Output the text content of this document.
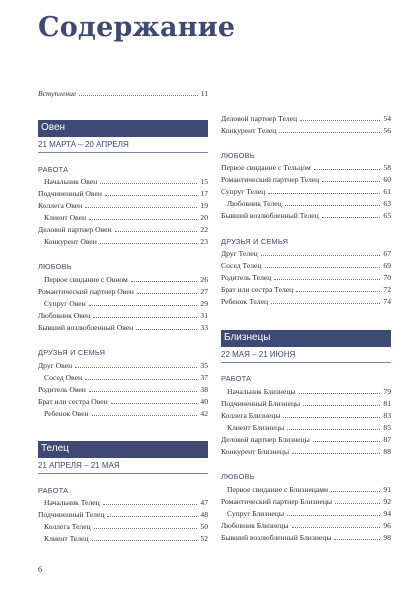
Содержание
Вступление	11
Овен
21 МАРТА – 20 АПРЕЛЯ
РАБОТА
Начальник Овен	15
Подчиненный Овен	17
Коллега Овен	19
Клиент Овен	20
Деловой партнер Овен	22
Конкурент Овен	23
ЛЮБОВЬ
Первое свидание с Овном	26
Романтический партнер Овен	27
Супруг Овен	29
Любовник Овен	31
Бывший возлюбленный Овен	33
ДРУЗЬЯ И СЕМЬЯ
Друг Овен	35
Сосед Овен	37
Родитель Овен	38
Брат или сестра Овен	40
Ребенок Овен	42
Телец
21 АПРЕЛЯ – 21 МАЯ
РАБОТА
Начальник Телец	47
Подчиненный Телец	48
Коллега Телец	50
Клиент Телец	52
Деловой партнер Телец	54
Конкурент Телец	56
ЛЮБОВЬ
Первое свидание с Тельцом	58
Романтический партнер Телец	60
Супруг Телец	61
Любовник Телец	63
Бывший возлюбленный Телец	65
ДРУЗЬЯ И СЕМЬЯ
Друг Телец	67
Сосед Телец	69
Родитель Телец	70
Брат или сестра Телец	72
Ребенок Телец	74
Близнецы
22 МАЯ – 21 ИЮНЯ
РАБОТА
Начальник Близнецы	79
Подчиненный Близнецы	81
Коллега Близнецы	83
Клиент Близнецы	85
Деловой партнер Близнецы	87
Конкурент Близнецы	88
ЛЮБОВЬ
Первое свидание с Близнецами	91
Романтический партнер Близнецы	92
Супруг Близнецы	94
Любовник Близнецы	96
Бывший возлюбленный Близнецы	98
6
